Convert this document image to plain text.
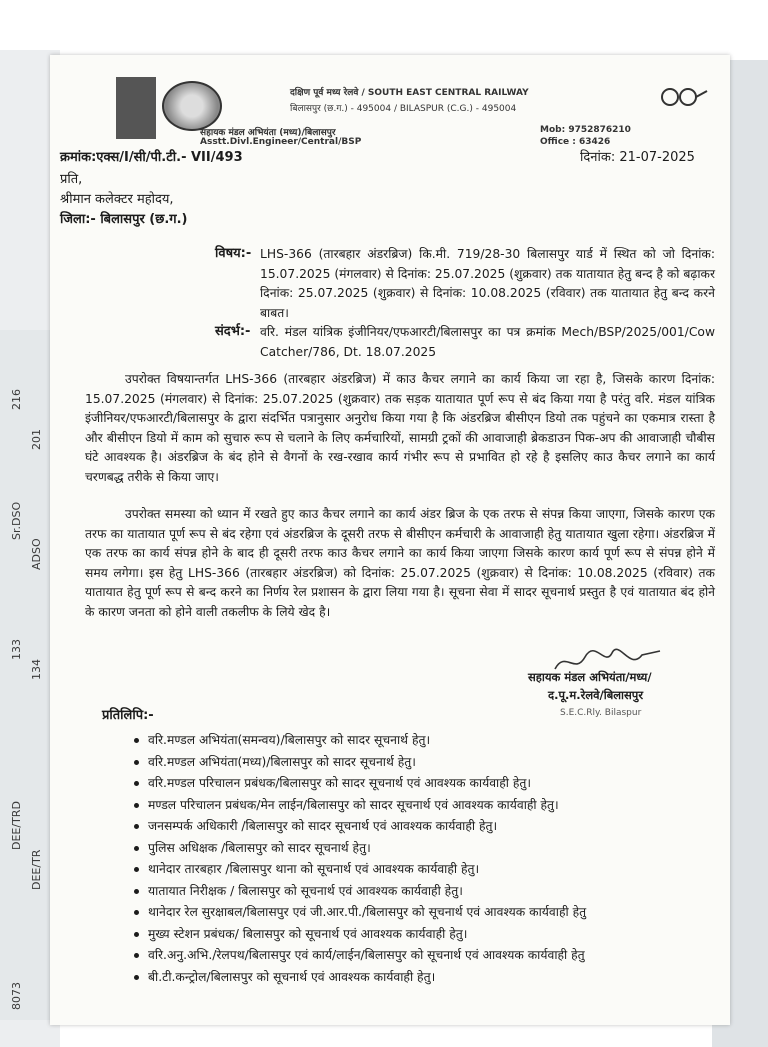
216
201
Sr.DSO
ADSO
133
134
DEE/TRD
DEE/TR
8073
दक्षिण पूर्व मध्य रेलवे / SOUTH EAST CENTRAL RAILWAY
बिलासपुर (छ.ग.) - 495004 / BILASPUR (C.G.) - 495004
सहायक मंडल अभियंता (मध्य)/बिलासपुर
Asstt.Divl.Engineer/Central/BSP
Mob: 9752876210
Office : 63426
क्रमांक:एक्स/I/सी/पी.टी.- VII/493	दिनांक: 21-07-2025
प्रति,
श्रीमान कलेक्टर महोदय,
जिला:- बिलासपुर (छ.ग.)
विषय:- LHS-366 (तारबहार अंडरब्रिज) कि.मी. 719/28-30 बिलासपुर यार्ड में स्थित को जो दिनांक: 15.07.2025 (मंगलवार) से दिनांक: 25.07.2025 (शुक्रवार) तक यातायात हेतु बन्द है को बढ़ाकर दिनांक: 25.07.2025 (शुक्रवार) से दिनांक: 10.08.2025 (रविवार) तक यातायात हेतु बन्द करने बाबत।
संदर्भ:- वरि. मंडल यांत्रिक इंजीनियर/एफआरटी/बिलासपुर का पत्र क्रमांक Mech/BSP/2025/001/Cow Catcher/786, Dt. 18.07.2025
उपरोक्त विषयान्तर्गत LHS-366 (तारबहार अंडरब्रिज) में काउ कैचर लगाने का कार्य किया जा रहा है, जिसके कारण दिनांक: 15.07.2025 (मंगलवार) से दिनांक: 25.07.2025 (शुक्रवार) तक सड़क यातायात पूर्ण रूप से बंद किया गया है परंतु वरि. मंडल यांत्रिक इंजीनियर/एफआरटी/बिलासपुर के द्वारा संदर्भित पत्रानुसार अनुरोध किया गया है कि अंडरब्रिज बीसीएन डियो तक पहुंचने का एकमात्र रास्ता है और बीसीएन डियो में काम को सुचारु रूप से चलाने के लिए कर्मचारियों, सामग्री ट्रकों की आवाजाही ब्रेकडाउन पिक-अप की आवाजाही चौबीस घंटे आवश्यक है। अंडरब्रिज के बंद होने से वैगनों के रख-रखाव कार्य गंभीर रूप से प्रभावित हो रहे है इसलिए काउ कैचर लगाने का कार्य चरणबद्ध तरीके से किया जाए।
उपरोक्त समस्या को ध्यान में रखते हुए काउ कैचर लगाने का कार्य अंडर ब्रिज के एक तरफ से संपन्न किया जाएगा, जिसके कारण एक तरफ का यातायात पूर्ण रूप से बंद रहेगा एवं अंडरब्रिज के दूसरी तरफ से बीसीएन कर्मचारी के आवाजाही हेतु यातायात खुला रहेगा। अंडरब्रिज में एक तरफ का कार्य संपन्न होने के बाद ही दूसरी तरफ काउ कैचर लगाने का कार्य किया जाएगा जिसके कारण कार्य पूर्ण रूप से संपन्न होने में समय लगेगा। इस हेतु LHS-366 (तारबहार अंडरब्रिज) को दिनांक: 25.07.2025 (शुक्रवार) से दिनांक: 10.08.2025 (रविवार) तक यातायात हेतु पूर्ण रूप से बन्द करने का निर्णय रेल प्रशासन के द्वारा लिया गया है। सूचना सेवा में सादर सूचनार्थ प्रस्तुत है एवं यातायात बंद होने के कारण जनता को होने वाली तकलीफ के लिये खेद है।
सहायक मंडल अभियंता/मध्य/
द.पू.म.रेलवे/बिलासपुर
S.E.C.Rly. Bilaspur
प्रतिलिपि:-
वरि.मण्डल अभियंता(समन्वय)/बिलासपुर को सादर सूचनार्थ हेतु।
वरि.मण्डल अभियंता(मध्य)/बिलासपुर को सादर सूचनार्थ हेतु।
वरि.मण्डल परिचालन प्रबंधक/बिलासपुर को सादर सूचनार्थ एवं आवश्यक कार्यवाही हेतु।
मण्डल परिचालन प्रबंधक/मेन लाईन/बिलासपुर को सादर सूचनार्थ एवं आवश्यक कार्यवाही हेतु।
जनसम्पर्क अधिकारी /बिलासपुर को सादर सूचनार्थ एवं आवश्यक कार्यवाही हेतु।
पुलिस अधिक्षक /बिलासपुर को सादर सूचनार्थ हेतु।
थानेदार तारबहार /बिलासपुर थाना को सूचनार्थ एवं आवश्यक कार्यवाही हेतु।
यातायात निरीक्षक / बिलासपुर को सूचनार्थ एवं आवश्यक कार्यवाही हेतु।
थानेदार रेल सुरक्षाबल/बिलासपुर एवं जी.आर.पी./बिलासपुर को सूचनार्थ एवं आवश्यक कार्यवाही हेतु
मुख्य स्टेशन प्रबंधक/ बिलासपुर को सूचनार्थ एवं आवश्यक कार्यवाही हेतु।
वरि.अनु.अभि./रेलपथ/बिलासपुर एवं कार्य/लाईन/बिलासपुर को सूचनार्थ एवं आवश्यक कार्यवाही हेतु
बी.टी.कन्ट्रोल/बिलासपुर को सूचनार्थ एवं आवश्यक कार्यवाही हेतु।
